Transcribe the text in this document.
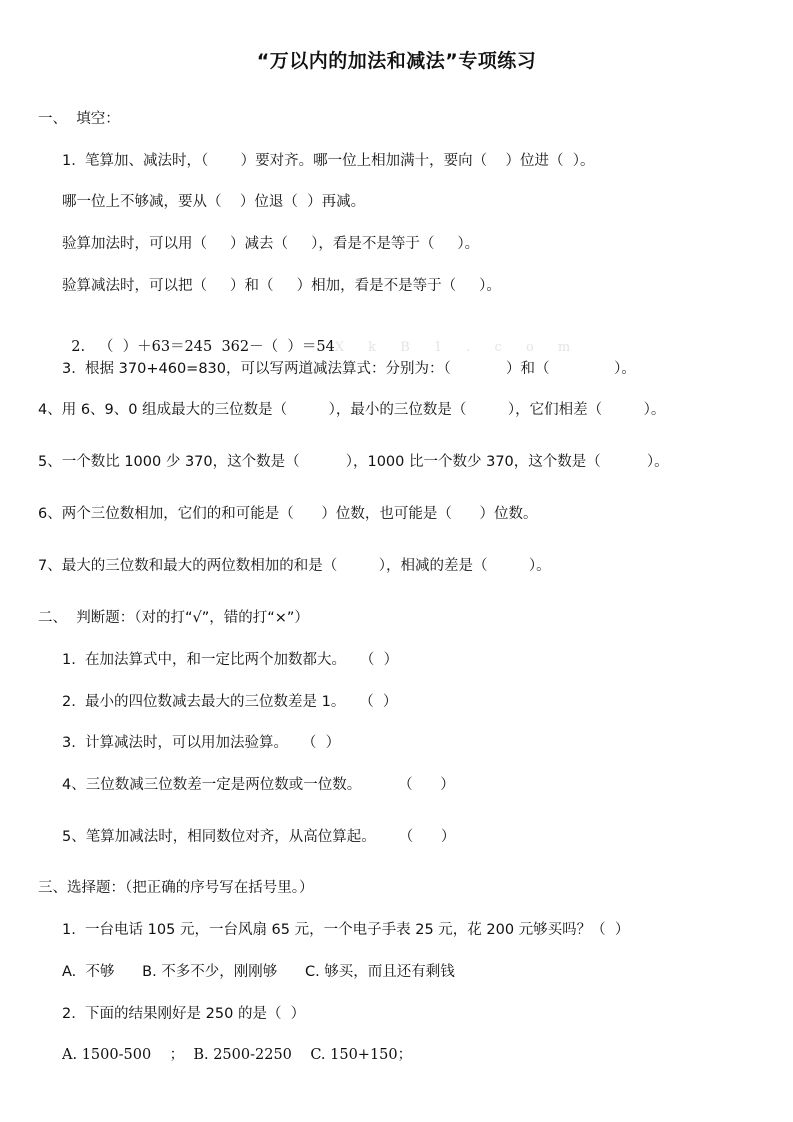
“万以内的加法和减法”专项练习
一、  填空：
1.  笔算加、减法时，（       ）要对齐。哪一位上相加满十，要向（    ）位进（  ）。
哪一位上不够减，要从（    ）位退（  ）再减。
验算加法时，可以用（     ）减去（     ），看是不是等于（     ）。
验算减法时，可以把（     ）和（     ）相加，看是不是等于（     ）。

2.   （  ）＋63＝245  362－（  ）＝54X k B 1 . c o m

3.  根据 370+460=830，可以写两道减法算式：分别为：（            ）和（              ）。
4、用 6、9、0 组成最大的三位数是（         ），最小的三位数是（         ），它们相差（         ）。
5、一个数比 1000 少 370，这个数是（          ），1000 比一个数少 370，这个数是（          ）。
6、两个三位数相加，它们的和可能是（      ）位数，也可能是（      ）位数。
7、最大的三位数和最大的两位数相加的和是（         ），相减的差是（         ）。
二、  判断题：（对的打“√”，错的打“×”）
1.  在加法算式中，和一定比两个加数都大。   （  ）
2.  最小的四位数减去最大的三位数差是 1。   （  ）
3.  计算减法时，可以用加法验算。   （  ）
4、三位数减三位数差一定是两位数或一位数。        （      ）
5、笔算加减法时，相同数位对齐，从高位算起。     （      ）
三、选择题：（把正确的序号写在括号里。）
1.  一台电话 105 元，一台风扇 65 元，一个电子手表 25 元，花 200 元够买吗？（  ）
A.  不够      B. 不多不少，刚刚够      C. 够买，而且还有剩钱
2.  下面的结果刚好是 250 的是（  ）
A. 1500-500    ；  B. 2500-2250    C. 150+150；
